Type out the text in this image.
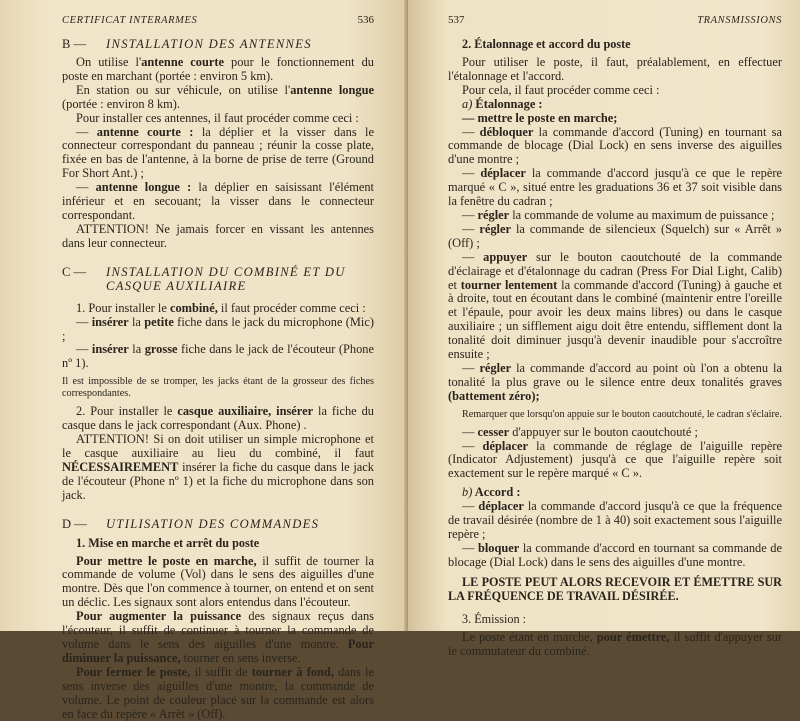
CERTIFICAT INTERARMES	536
B —	INSTALLATION DES ANTENNES

On utilise l'antenne courte pour le fonctionnement du poste en marchant (portée : environ 5 km).

En station ou sur véhicule, on utilise l'antenne longue (portée : environ 8 km).

Pour installer ces antennes, il faut procéder comme ceci :

— antenne courte : la déplier et la visser dans le connecteur correspondant du panneau ; réunir la cosse plate, fixée en bas de l'antenne, à la borne de prise de terre (Ground For Short Ant.) ;

— antenne longue : la déplier en saisissant l'élément inférieur et en secouant; la visser dans le connecteur correspondant.

ATTENTION! Ne jamais forcer en vissant les antennes dans leur connecteur.

C —	INSTALLATION DU COMBINÉ ET DU CASQUE AUXILIAIRE

1. Pour installer le combiné, il faut procéder comme ceci :

— insérer la petite fiche dans le jack du microphone (Mic) ;

— insérer la grosse fiche dans le jack de l'écouteur (Phone nº 1).

Il est impossible de se tromper, les jacks étant de la grosseur des fiches correspondantes.

2. Pour installer le casque auxiliaire, insérer la fiche du casque dans le jack correspondant (Aux. Phone) .

ATTENTION! Si on doit utiliser un simple microphone et le casque auxiliaire au lieu du combiné, il faut NÉCESSAIREMENT insérer la fiche du casque dans le jack de l'écouteur (Phone nº 1) et la fiche du microphone dans son jack.

D —	UTILISATION DES COMMANDES

1. Mise en marche et arrêt du poste

Pour mettre le poste en marche, il suffit de tourner la commande de volume (Vol) dans le sens des aiguilles d'une montre. Dès que l'on commence à tourner, on entend et on sent un déclic. Les signaux sont alors entendus dans l'écouteur.

Pour augmenter la puissance des signaux reçus dans l'écouteur, il suffit de continuer à tourner la commande de volume dans le sens des aiguilles d'une montre. Pour diminuer la puissance, tourner en sens inverse.

Pour fermer le poste, il suffit de tourner à fond, dans le sens inverse des aiguilles d'une montre, la commande de volume. Le point de couleur placé sur la commande est alors en face du repère « Arrêt » (Off).

537	TRANSMISSIONS

2. Étalonnage et accord du poste

Pour utiliser le poste, il faut, préalablement, en effectuer l'étalonnage et l'accord.

Pour cela, il faut procéder comme ceci :

a) Étalonnage :

— mettre le poste en marche;

— débloquer la commande d'accord (Tuning) en tournant sa commande de blocage (Dial Lock) en sens inverse des aiguilles d'une montre ;

— déplacer la commande d'accord jusqu'à ce que le repère marqué « C », situé entre les graduations 36 et 37 soit visible dans la fenêtre du cadran ;

— régler la commande de volume au maximum de puissance ;

— régler la commande de silencieux (Squelch) sur « Arrêt » (Off) ;

— appuyer sur le bouton caoutchouté de la commande d'éclairage et d'étalonnage du cadran (Press For Dial Light, Calib) et tourner lentement la commande d'accord (Tuning) à gauche et à droite, tout en écoutant dans le combiné (maintenir entre l'oreille et l'épaule, pour avoir les deux mains libres) ou dans le casque auxiliaire ; un sifflement aigu doit être entendu, sifflement dont la tonalité doit diminuer jusqu'à devenir inaudible pour s'accroître ensuite ;

— régler la commande d'accord au point où l'on a obtenu la tonalité la plus grave ou le silence entre deux tonalités graves (battement zéro);

Remarquer que lorsqu'on appuie sur le bouton caoutchouté, le cadran s'éclaire.

— cesser d'appuyer sur le bouton caoutchouté ;

— déplacer la commande de réglage de l'aiguille repère (Indicator Adjustement) jusqu'à ce que l'aiguille repère soit exactement sur le repère marqué « C ».

b) Accord :

— déplacer la commande d'accord jusqu'à ce que la fréquence de travail désirée (nombre de 1 à 40) soit exactement sous l'aiguille repère ;

— bloquer la commande d'accord en tournant sa commande de blocage (Dial Lock) dans le sens des aiguilles d'une montre.

LE POSTE PEUT ALORS RECEVOIR ET ÉMETTRE SUR LA FRÉQUENCE DE TRAVAIL DÉSIRÉE.

3. Émission :

Le poste étant en marche, pour émettre, il suffit d'appuyer sur le commutateur du combiné.
